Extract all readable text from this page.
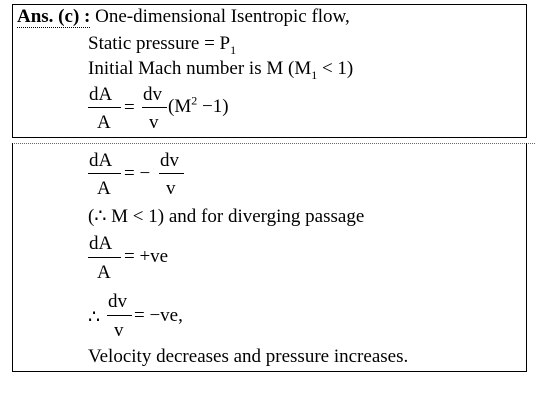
Ans. (c) : One-dimensional Isentropic flow,
Static pressure = $P_1$
Initial Mach number is M $(M_1 < 1)$
dA
A
=
dv
v
$(M^2 -1)$
dA
A
= −
dv
v
(∴ M < 1) and for diverging passage
dA
A
= +ve
∴
dv
v
= −ve,
Velocity decreases and pressure increases.
